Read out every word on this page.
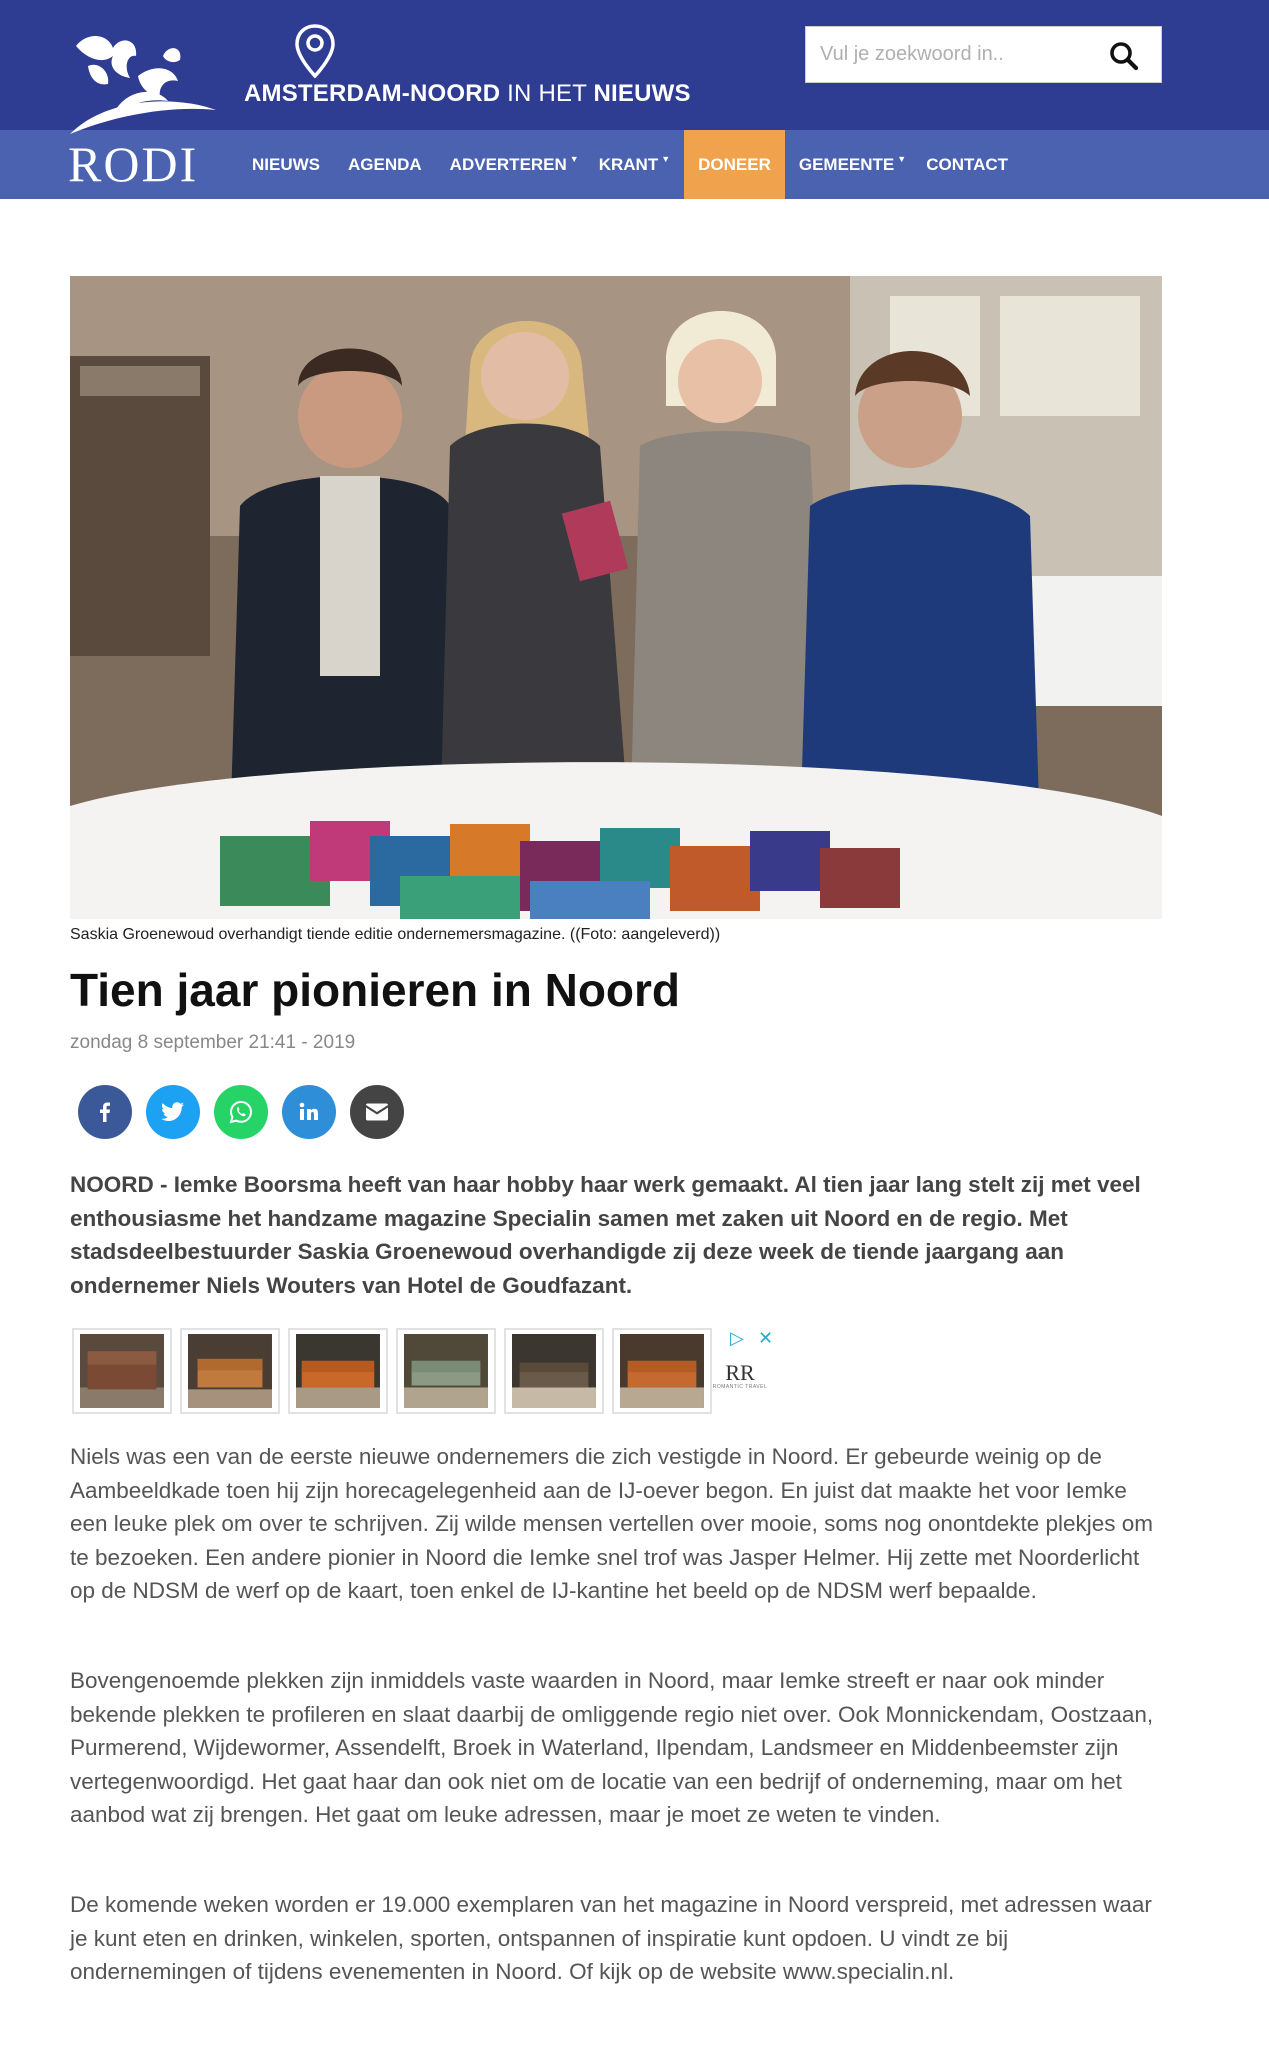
RODI
AMSTERDAM-NOORD IN HET NIEUWS
Vul je zoekwoord in..
NIEUWS AGENDA ADVERTEREN ▼ KRANT ▼ DONEER GEMEENTE ▼ CONTACT
Saskia Groenewoud overhandigt tiende editie ondernemersmagazine. ((Foto: aangeleverd))
Tien jaar pionieren in Noord
zondag 8 september 21:41 - 2019

NOORD - Iemke Boorsma heeft van haar hobby haar werk gemaakt. Al tien jaar lang stelt zij met veel enthousiasme het handzame magazine Specialin samen met zaken uit Noord en de regio. Met stadsdeelbestuurder Saskia Groenewoud overhandigde zij deze week de tiende jaargang aan ondernemer Niels Wouters van Hotel de Goudfazant.

▷ ✕
RR
ROMANTIC TRAVEL

Niels was een van de eerste nieuwe ondernemers die zich vestigde in Noord. Er gebeurde weinig op de Aambeeldkade toen hij zijn horecagelegenheid aan de IJ-oever begon. En juist dat maakte het voor Iemke een leuke plek om over te schrijven. Zij wilde mensen vertellen over mooie, soms nog onontdekte plekjes om te bezoeken. Een andere pionier in Noord die Iemke snel trof was Jasper Helmer. Hij zette met Noorderlicht op de NDSM de werf op de kaart, toen enkel de IJ-kantine het beeld op de NDSM werf bepaalde.

Bovengenoemde plekken zijn inmiddels vaste waarden in Noord, maar Iemke streeft er naar ook minder bekende plekken te profileren en slaat daarbij de omliggende regio niet over. Ook Monnickendam, Oostzaan, Purmerend, Wijdewormer, Assendelft, Broek in Waterland, Ilpendam, Landsmeer en Middenbeemster zijn vertegenwoordigd. Het gaat haar dan ook niet om de locatie van een bedrijf of onderneming, maar om het aanbod wat zij brengen. Het gaat om leuke adressen, maar je moet ze weten te vinden.

De komende weken worden er 19.000 exemplaren van het magazine in Noord verspreid, met adressen waar je kunt eten en drinken, winkelen, sporten, ontspannen of inspiratie kunt opdoen. U vindt ze bij ondernemingen of tijdens evenementen in Noord. Of kijk op de website www.specialin.nl.
